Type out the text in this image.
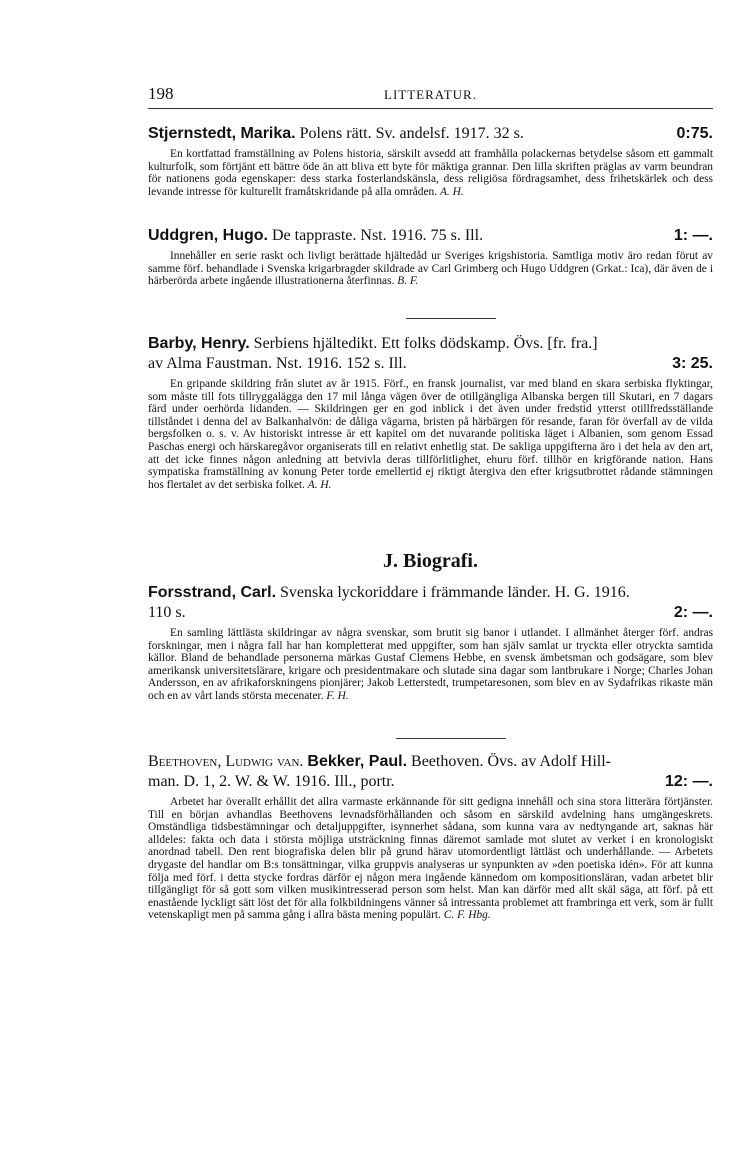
198	LITTERATUR.
Stjernstedt, Marika. Polens rätt. Sv. andelsf. 1917. 32 s.	0:75.
En kortfattad framställning av Polens historia, särskilt avsedd att framhålla polackernas betydelse såsom ett gammalt kulturfolk, som förtjänt ett bättre öde än att bliva ett byte för mäktiga grannar. Den lilla skriften präglas av varm beundran för nationens goda egenskaper: dess starka fosterlandskänsla, dess religiösa fördragsamhet, dess frihetskärlek och dess levande intresse för kulturellt framåtskridande på alla områden. A. H.
Uddgren, Hugo. De tappraste. Nst. 1916. 75 s. Ill.	1: —.
Innehåller en serie raskt och livligt berättade hjältedåd ur Sveriges krigshistoria. Samtliga motiv äro redan förut av samme förf. behandlade i Svenska krigarbragder skildrade av Carl Grimberg och Hugo Uddgren (Grkat.: Ica), där även de i härberörda arbete ingående illustrationerna återfinnas. B. F.
Barby, Henry. Serbiens hjältedikt. Ett folks dödskamp. Övs. [fr. fra.]
av Alma Faustman. Nst. 1916. 152 s. Ill.	3: 25.
En gripande skildring från slutet av år 1915. Förf., en fransk journalist, var med bland en skara serbiska flyktingar, som måste till fots tillryggalägga den 17 mil långa vägen över de otillgängliga Albanska bergen till Skutari, en 7 dagars färd under oerhörda lidanden. — Skildringen ger en god inblick i det även under fredstid ytterst otillfredsställande tillståndet i denna del av Balkanhalvön: de dåliga vägarna, bristen på härbärgen för resande, faran för överfall av de vilda bergsfolken o. s. v. Av historiskt intresse är ett kapitel om det nuvarande politiska läget i Albanien, som genom Essad Paschas energi och härskaregåvor organiserats till en relativt enhetlig stat. De sakliga uppgifterna äro i det hela av den art, att det icke finnes någon anledning att betvivla deras tillförlitlighet, ehuru förf. tillhör en krigförande nation. Hans sympatiska framställning av konung Peter torde emellertid ej riktigt återgiva den efter krigsutbrottet rådande stämningen hos flertalet av det serbiska folket. A. H.
J. Biografi.
Forsstrand, Carl. Svenska lyckoriddare i främmande länder. H. G. 1916.
110 s.	2: —.
En samling lättlästa skildringar av några svenskar, som brutit sig banor i utlandet. I allmänhet återger förf. andras forskningar, men i några fall har han kompletterat med uppgifter, som han själv samlat ur tryckta eller otryckta samtida källor. Bland de behandlade personerna märkas Gustaf Clemens Hebbe, en svensk ämbetsman och godsägare, som blev amerikansk universitetslärare, krigare och presidentmakare och slutade sina dagar som lantbrukare i Norge; Charles Johan Andersson, en av afrikaforskningens pionjärer; Jakob Letterstedt, trumpetaresonen, som blev en av Sydafrikas rikaste män och en av vårt lands största mecenater. F. H.
Beethoven, Ludwig van. Bekker, Paul. Beethoven. Övs. av Adolf Hill-
man. D. 1, 2. W. & W. 1916. Ill., portr.	12: —.
Arbetet har överallt erhållit det allra varmaste erkännande för sitt gedigna innehåll och sina stora litterära förtjänster. Till en början avhandlas Beethovens levnadsförhållanden och såsom en särskild avdelning hans umgängeskrets. Omständliga tidsbestämningar och detaljuppgifter, isynnerhet sådana, som kunna vara av nedtyngande art, saknas här alldeles: fakta och data i största möjliga utsträckning finnas däremot samlade mot slutet av verket i en kronologiskt anordnad tabell. Den rent biografiska delen blir på grund härav utomordentligt lättläst och underhållande. — Arbetets drygaste del handlar om B:s tonsättningar, vilka gruppvis analyseras ur synpunkten av »den poetiska idén». För att kunna följa med förf. i detta stycke fordras därför ej någon mera ingående kännedom om kompositionsläran, vadan arbetet blir tillgängligt för så gott som vilken musikintresserad person som helst. Man kan därför med allt skäl säga, att förf. på ett enastående lyckligt sätt löst det för alla folkbildningens vänner så intressanta problemet att frambringa ett verk, som är fullt vetenskapligt men på samma gång i allra bästa mening populärt. C. F. Hbg.
